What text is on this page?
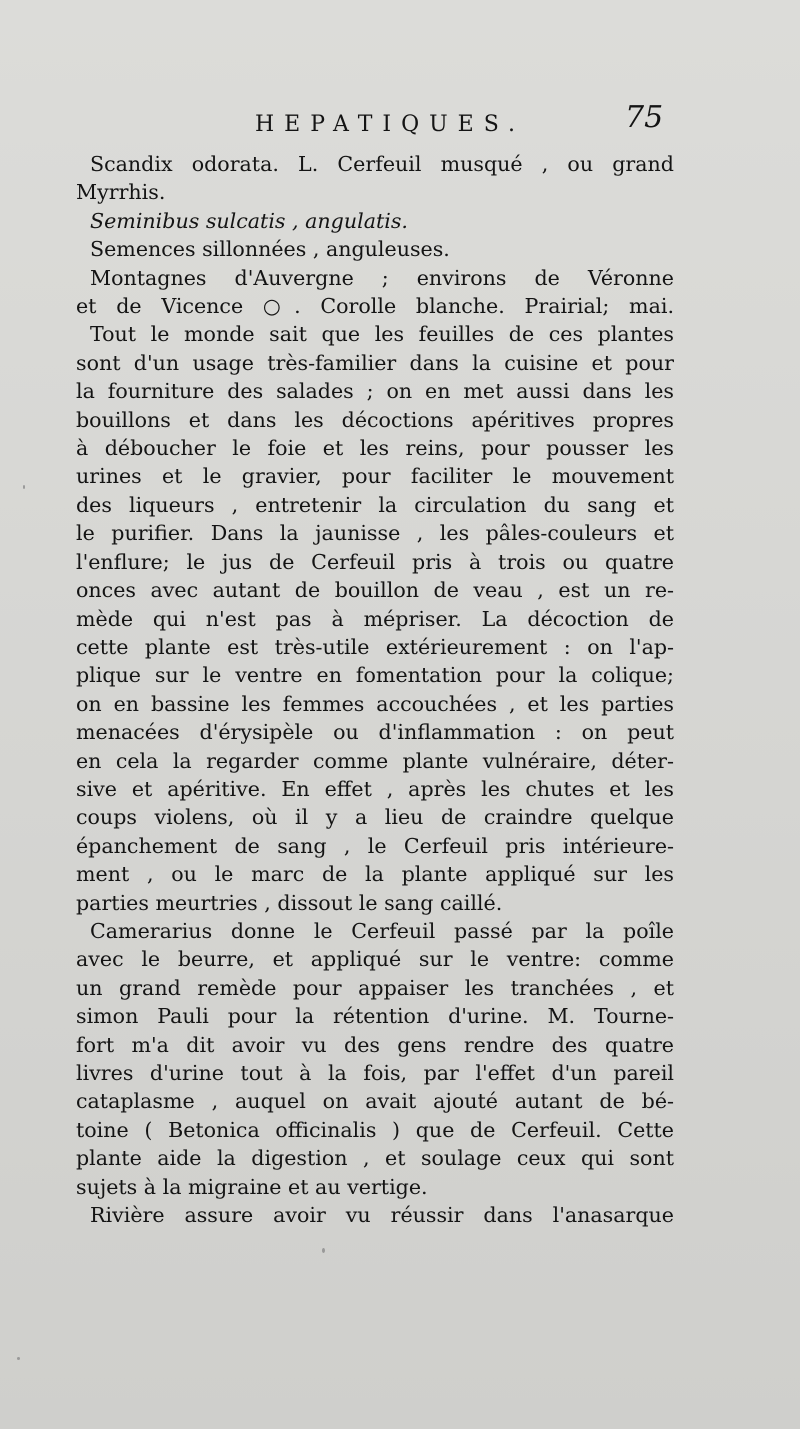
HEPATIQUES.	75
Scandix odorata. L. Cerfeuil musqué , ou grand
Myrrhis.
Seminibus sulcatis , angulatis.
Semences sillonnées , anguleuses.
Montagnes d'Auvergne ; environs de Véronne
et de Vicence ○. Corolle blanche. Prairial; mai.
Tout le monde sait que les feuilles de ces plantes
sont d'un usage très-familier dans la cuisine et pour
la fourniture des salades ; on en met aussi dans les
bouillons et dans les décoctions apéritives propres
à déboucher le foie et les reins, pour pousser les
urines et le gravier, pour faciliter le mouvement
des liqueurs , entretenir la circulation du sang et
le purifier. Dans la jaunisse , les pâles-couleurs et
l'enflure; le jus de Cerfeuil pris à trois ou quatre
onces avec autant de bouillon de veau , est un re-
mède qui n'est pas à mépriser. La décoction de
cette plante est très-utile extérieurement : on l'ap-
plique sur le ventre en fomentation pour la colique;
on en bassine les femmes accouchées , et les parties
menacées d'érysipèle ou d'inflammation : on peut
en cela la regarder comme plante vulnéraire, déter-
sive et apéritive. En effet , après les chutes et les
coups violens, où il y a lieu de craindre quelque
épanchement de sang , le Cerfeuil pris intérieure-
ment , ou le marc de la plante appliqué sur les
parties meurtries , dissout le sang caillé.
Camerarius donne le Cerfeuil passé par la poîle
avec le beurre, et appliqué sur le ventre: comme
un grand remède pour appaiser les tranchées , et
simon Pauli pour la rétention d'urine. M. Tourne-
fort m'a dit avoir vu des gens rendre des quatre
livres d'urine tout à la fois, par l'effet d'un pareil
cataplasme , auquel on avait ajouté autant de bé-
toine ( Betonica officinalis ) que de Cerfeuil. Cette
plante aide la digestion , et soulage ceux qui sont
sujets à la migraine et au vertige.
Rivière assure avoir vu réussir dans l'anasarque
